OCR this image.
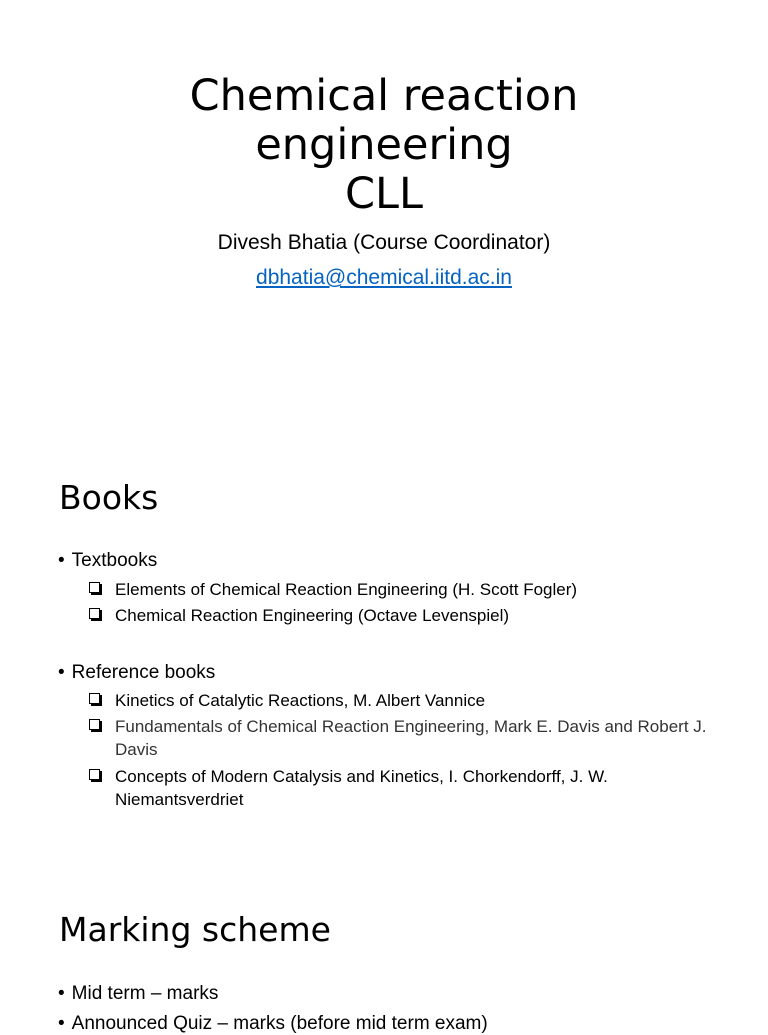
Chemical reaction
engineering
CLL
Divesh Bhatia (Course Coordinator)
dbhatia@chemical.iitd.ac.in
Books
• Textbooks
Elements of Chemical Reaction Engineering (H. Scott Fogler)
Chemical Reaction Engineering (Octave Levenspiel)
• Reference books
Kinetics of Catalytic Reactions, M. Albert Vannice
Fundamentals of Chemical Reaction Engineering, Mark E. Davis and Robert J. Davis
Concepts of Modern Catalysis and Kinetics, I. Chorkendorff, J. W. Niemantsverdriet
Marking scheme
• Mid term – marks
• Announced Quiz – marks (before mid term exam)
